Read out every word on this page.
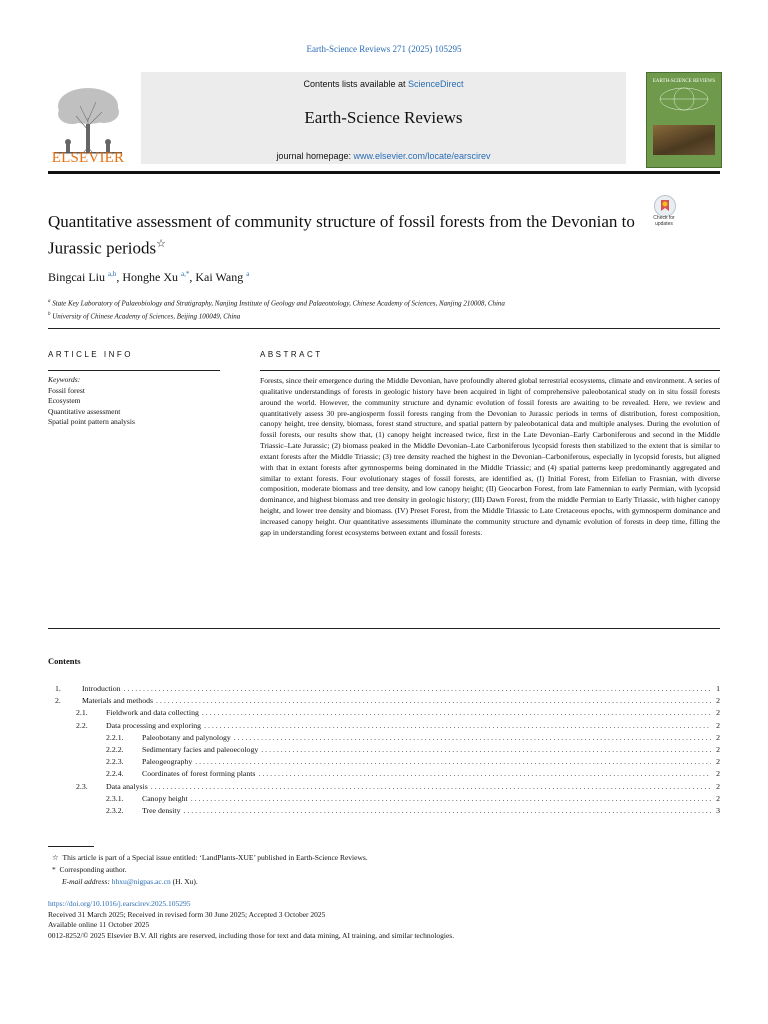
Earth-Science Reviews 271 (2025) 105295
ELSEVIER
Contents lists available at ScienceDirect
Earth-Science Reviews
journal homepage: www.elsevier.com/locate/earscirev
EARTH-SCIENCE REVIEWS
Quantitative assessment of community structure of fossil forests from the Devonian to Jurassic periods☆
Check for
updates
Bingcai Liu $^{a,b}$, Honghe Xu $^{a,*}$, Kai Wang $^a$
$^a$ State Key Laboratory of Palaeobiology and Stratigraphy, Nanjing Institute of Geology and Palaeontology, Chinese Academy of Sciences, Nanjing 210008, China
$^b$ University of Chinese Academy of Sciences, Beijing 100049, China
ARTICLE INFO	ABSTRACT
Keywords:
Fossil forest
Ecosystem
Quantitative assessment
Spatial point pattern analysis
Forests, since their emergence during the Middle Devonian, have profoundly altered global terrestrial ecosystems, climate and environment. A series of qualitative understandings of forests in geologic history have been acquired in light of comprehensive paleobotanical study on in situ fossil forests around the world. However, the community structure and dynamic evolution of fossil forests are awaiting to be revealed. Here, we review and quantitatively assess 30 pre-angiosperm fossil forests ranging from the Devonian to Jurassic periods in terms of distribution, forest composition, canopy height, tree density, biomass, forest stand structure, and spatial pattern by paleobotanical data and multiple analyses. During the evolution of fossil forests, our results show that, (1) canopy height increased twice, first in the Late Devonian–Early Carboniferous and second in the Middle Triassic–Late Jurassic; (2) biomass peaked in the Middle Devonian–Late Carboniferous lycopsid forests then stabilized to the extent that is similar to extant forests after the Middle Triassic; (3) tree density reached the highest in the Devonian–Carboniferous, especially in lycopsid forests, but aligned with that in extant forests after gymnosperms being dominated in the Middle Triassic; and (4) spatial patterns keep predominantly aggregated and similar to extant forests. Four evolutionary stages of fossil forests, are identified as, (I) Initial Forest, from Eifelian to Frasnian, with diverse composition, moderate biomass and tree density, and low canopy height; (II) Geocarbon Forest, from late Famennian to early Permian, with lycopsid dominance, and highest biomass and tree density in geologic history; (III) Dawn Forest, from the middle Permian to Early Triassic, with higher canopy height, and lower tree density and biomass. (IV) Preset Forest, from the Middle Triassic to Late Cretaceous epochs, with gymnosperm dominance and increased canopy height. Our quantitative assessments illuminate the community structure and dynamic evolution of forests in deep time, filling the gap in understanding forest ecosystems between extant and fossil forests.
Contents
1.	Introduction . . .	1
2.	Materials and methods . . .	2
2.1.	Fieldwork and data collecting . . .	2
2.2.	Data processing and exploring . . .	2
2.2.1.	Paleobotany and palynology . . .	2
2.2.2.	Sedimentary facies and paleoecology . . .	2
2.2.3.	Paleogeography . . .	2
2.2.4.	Coordinates of forest forming plants . . .	2
2.3.	Data analysis . . .	2
2.3.1.	Canopy height . . .	2
2.3.2.	Tree density . . .	3
☆ This article is part of a Special issue entitled: ‘LandPlants-XUE’ published in Earth-Science Reviews.
* Corresponding author.
E-mail address: hhxu@nigpas.ac.cn (H. Xu).
https://doi.org/10.1016/j.earscirev.2025.105295
Received 31 March 2025; Received in revised form 30 June 2025; Accepted 3 October 2025
Available online 11 October 2025
0012-8252/© 2025 Elsevier B.V. All rights are reserved, including those for text and data mining, AI training, and similar technologies.
